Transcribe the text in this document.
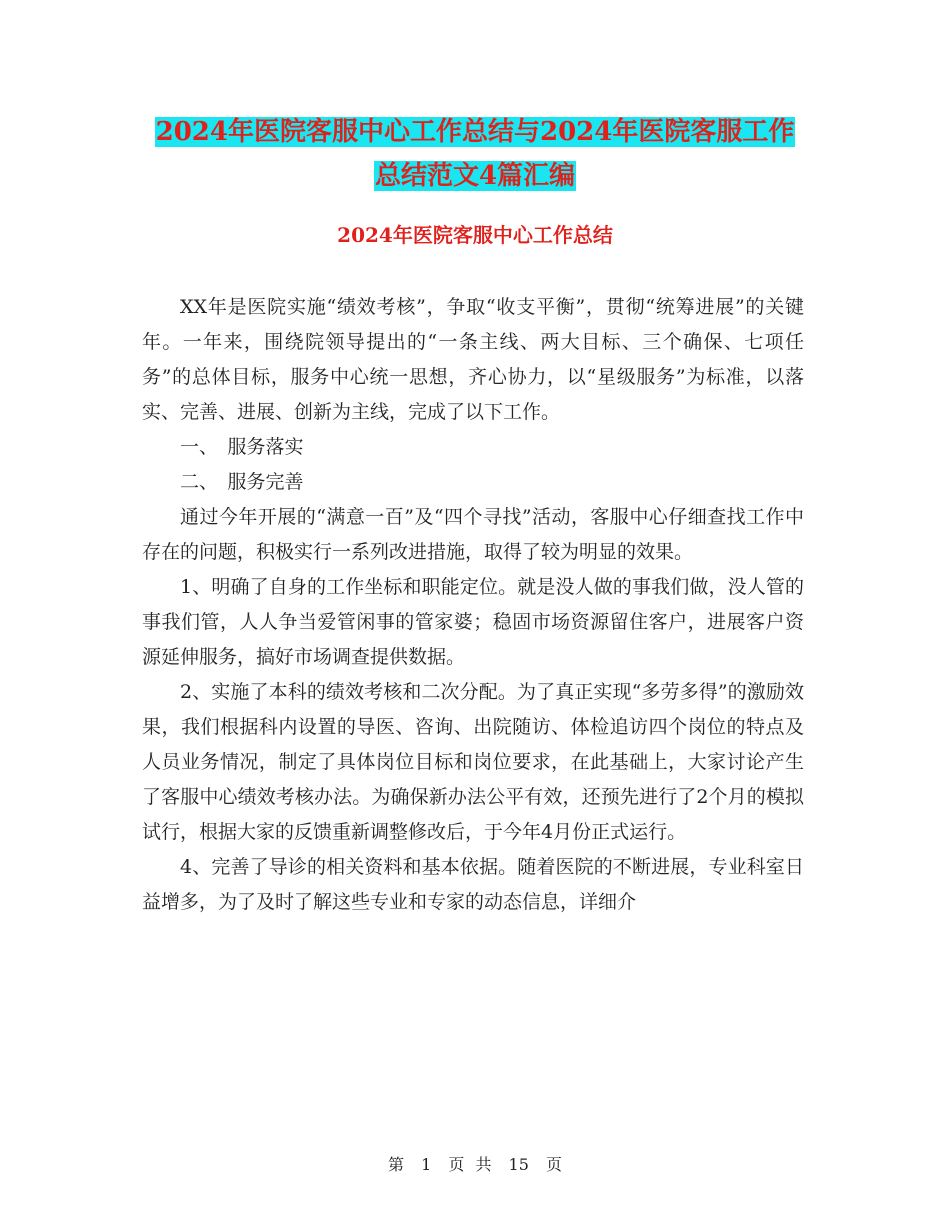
2024年医院客服中心工作总结与2024年医院客服工作
总结范文4篇汇编
2024年医院客服中心工作总结

XX年是医院实施“绩效考核”，争取“收支平衡”，贯彻“统筹进展”的关键年。一年来，围绕院领导提出的“一条主线、两大目标、三个确保、七项任务”的总体目标，服务中心统一思想，齐心协力，以“星级服务”为标准，以落实、完善、进展、创新为主线，完成了以下工作。

一、　服务落实

二、　服务完善

通过今年开展的“满意一百”及“四个寻找”活动，客服中心仔细查找工作中存在的问题，积极实行一系列改进措施，取得了较为明显的效果。

1、明确了自身的工作坐标和职能定位。就是没人做的事我们做，没人管的事我们管，人人争当爱管闲事的管家婆；稳固市场资源留住客户，进展客户资源延伸服务，搞好市场调查提供数据。

2、实施了本科的绩效考核和二次分配。为了真正实现“多劳多得”的激励效果，我们根据科内设置的导医、咨询、出院随访、体检追访四个岗位的特点及人员业务情况，制定了具体岗位目标和岗位要求，在此基础上，大家讨论产生了客服中心绩效考核办法。为确保新办法公平有效，还预先进行了2个月的模拟试行，根据大家的反馈重新调整修改后，于今年4月份正式运行。

4、完善了导诊的相关资料和基本依据。随着医院的不断进展，专业科室日益增多，为了及时了解这些专业和专家的动态信息，详细介

第 1 页 共 15 页
